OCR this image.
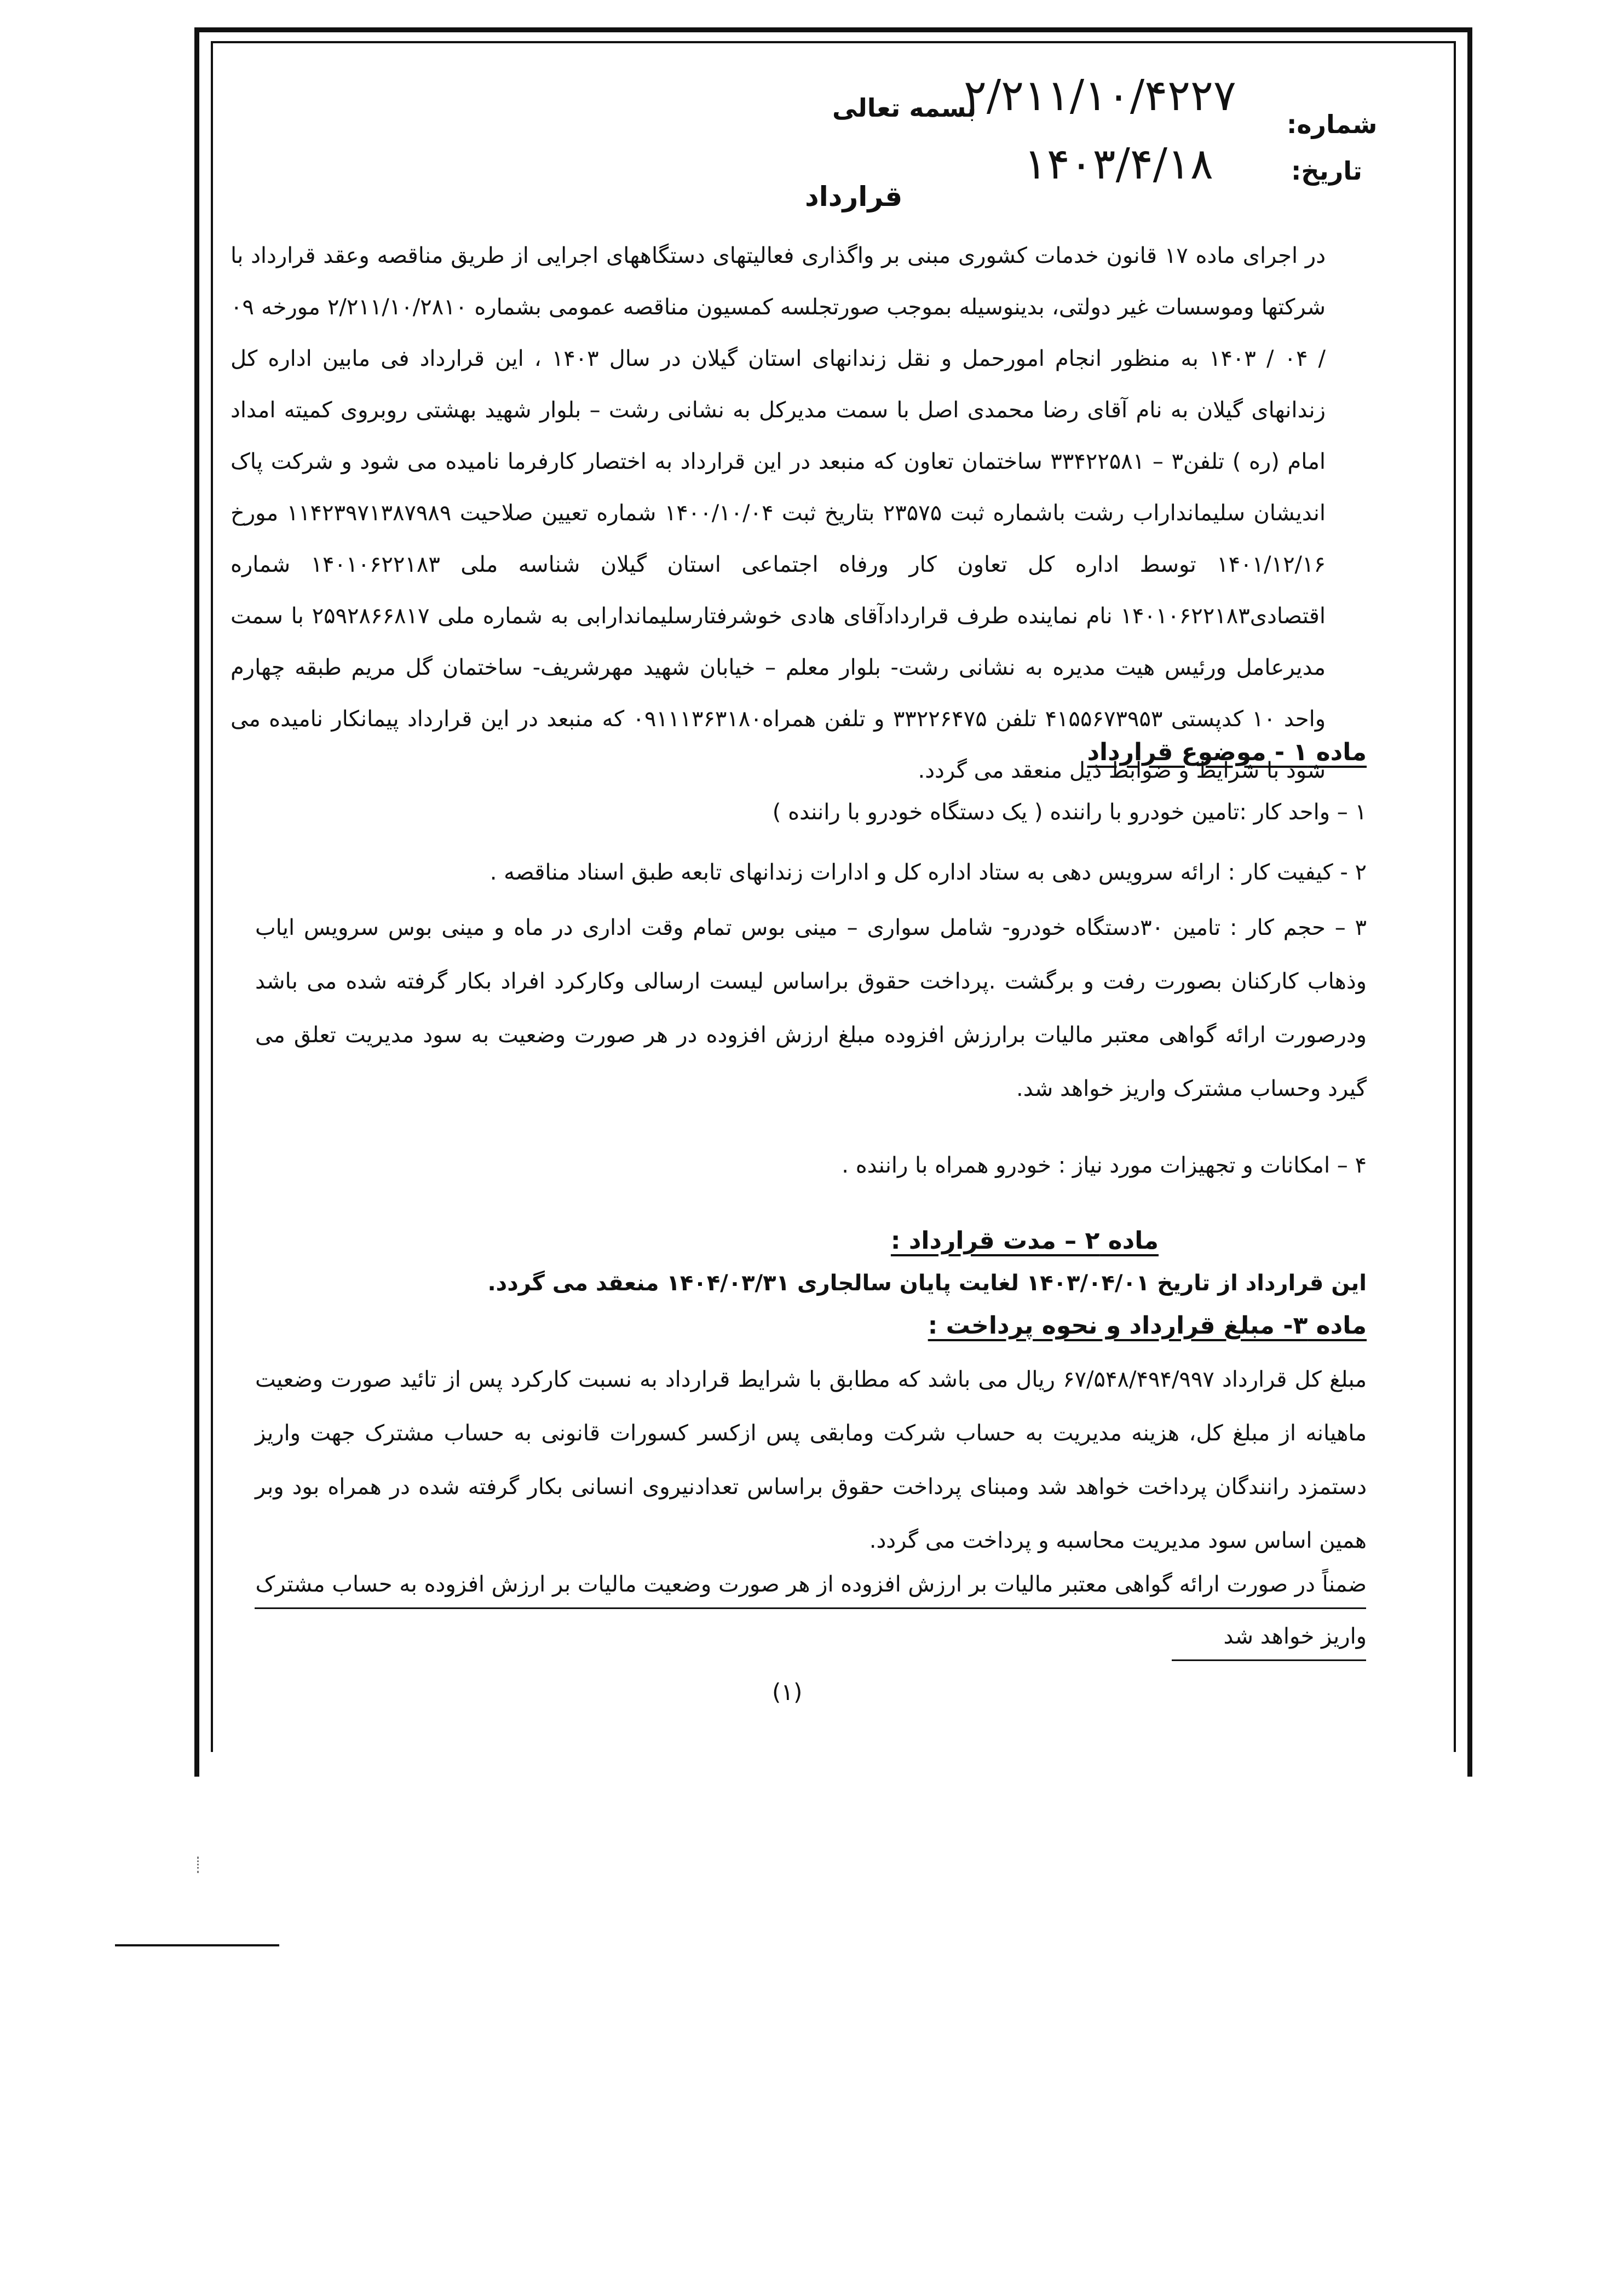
شماره:
تاریخ:
بسمه تعالی
۲/۲۱۱/۱۰/۴۲۲۷
۱۴۰۳/۴/۱۸
قرارداد
در اجرای ماده ۱۷ قانون خدمات کشوری مبنی بر واگذاری فعالیتهای دستگاههای اجرایی از طریق مناقصه وعقد قرارداد با شرکتها وموسسات غیر دولتی، بدینوسیله بموجب صورتجلسه کمسیون مناقصه عمومی بشماره ۲/۲۱۱/۱۰/۲۸۱۰ مورخه ۰۹ / ۰۴ / ۱۴۰۳ به منظور انجام امورحمل و نقل زندانهای استان گیلان در سال ۱۴۰۳ ، این قرارداد فی مابین اداره کل زندانهای گیلان به نام آقای رضا محمدی اصل با سمت مدیرکل به نشانی رشت – بلوار شهید بهشتی روبروی کمیته امداد امام (ره ) تلفن۳ – ۳۳۴۲۲۵۸۱ ساختمان تعاون که منبعد در این قرارداد به اختصار کارفرما نامیده می شود و شرکت پاک اندیشان سلیمانداراب رشت باشماره ثبت ۲۳۵۷۵ بتاریخ ثبت ۱۴۰۰/۱۰/۰۴ شماره تعیین صلاحیت ۱۱۴۲۳۹۷۱۳۸۷۹۸۹ مورخ ۱۴۰۱/۱۲/۱۶ توسط اداره کل تعاون کار ورفاه اجتماعی استان گیلان شناسه ملی ۱۴۰۱۰۶۲۲۱۸۳ شماره اقتصادی۱۴۰۱۰۶۲۲۱۸۳ نام نماینده طرف قراردادآقای هادی خوشرفتارسلیماندارابی به شماره ملی ۲۵۹۲۸۶۶۸۱۷ با سمت مدیرعامل ورئیس هیت مدیره به نشانی رشت- بلوار معلم – خیابان شهید مهرشریف- ساختمان گل مریم طبقه چهارم واحد ۱۰ کدپستی ۴۱۵۵۶۷۳۹۵۳ تلفن ۳۳۲۲۶۴۷۵ و تلفن همراه۰۹۱۱۱۳۶۳۱۸۰ که منبعد در این قرارداد پیمانکار نامیده می شود با شرایط و ضوابط ذیل منعقد می گردد.
ماده ۱ - موضوع قرارداد
۱ – واحد کار :تامین خودرو با راننده ( یک دستگاه خودرو با راننده )
۲ - کیفیت کار : ارائه سرویس دهی به ستاد اداره کل و ادارات زندانهای تابعه طبق اسناد مناقصه .
۳ – حجم کار : تامین ۳۰دستگاه خودرو- شامل سواری – مینی بوس تمام وقت اداری در ماه و مینی بوس سرویس ایاب وذهاب کارکنان بصورت رفت و برگشت .پرداخت حقوق براساس لیست ارسالی وکارکرد افراد بکار گرفته شده می باشد ودرصورت ارائه گواهی معتبر مالیات برارزش افزوده مبلغ ارزش افزوده در هر صورت وضعیت به سود مدیریت تعلق می گیرد وحساب مشترک واریز خواهد شد.
۴ – امکانات و تجهیزات مورد نیاز : خودرو همراه با راننده .
ماده ۲ – مدت قرارداد :
این قرارداد از تاریخ ۱۴۰۳/۰۴/۰۱ لغایت پایان سالجاری ۱۴۰۴/۰۳/۳۱ منعقد می گردد.
ماده ۳- مبلغ قرارداد و نحوه پرداخت :
مبلغ کل قرارداد ۶۷/۵۴۸/۴۹۴/۹۹۷ ریال می باشد که مطابق با شرایط قرارداد به نسبت کارکرد پس از تائید صورت وضعیت ماهیانه از مبلغ کل، هزینه مدیریت به حساب شرکت ومابقی پس ازکسر کسورات قانونی به حساب مشترک جهت واریز دستمزد رانندگان پرداخت خواهد شد ومبنای پرداخت حقوق براساس تعدادنیروی انسانی بکار گرفته شده در همراه بود وبر همین اساس سود مدیریت محاسبه و پرداخت می گردد.
ضمناً در صورت ارائه گواهی معتبر مالیات بر ارزش افزوده از هر صورت وضعیت مالیات بر ارزش افزوده به حساب مشترک
واریز خواهد شد
(۱)
